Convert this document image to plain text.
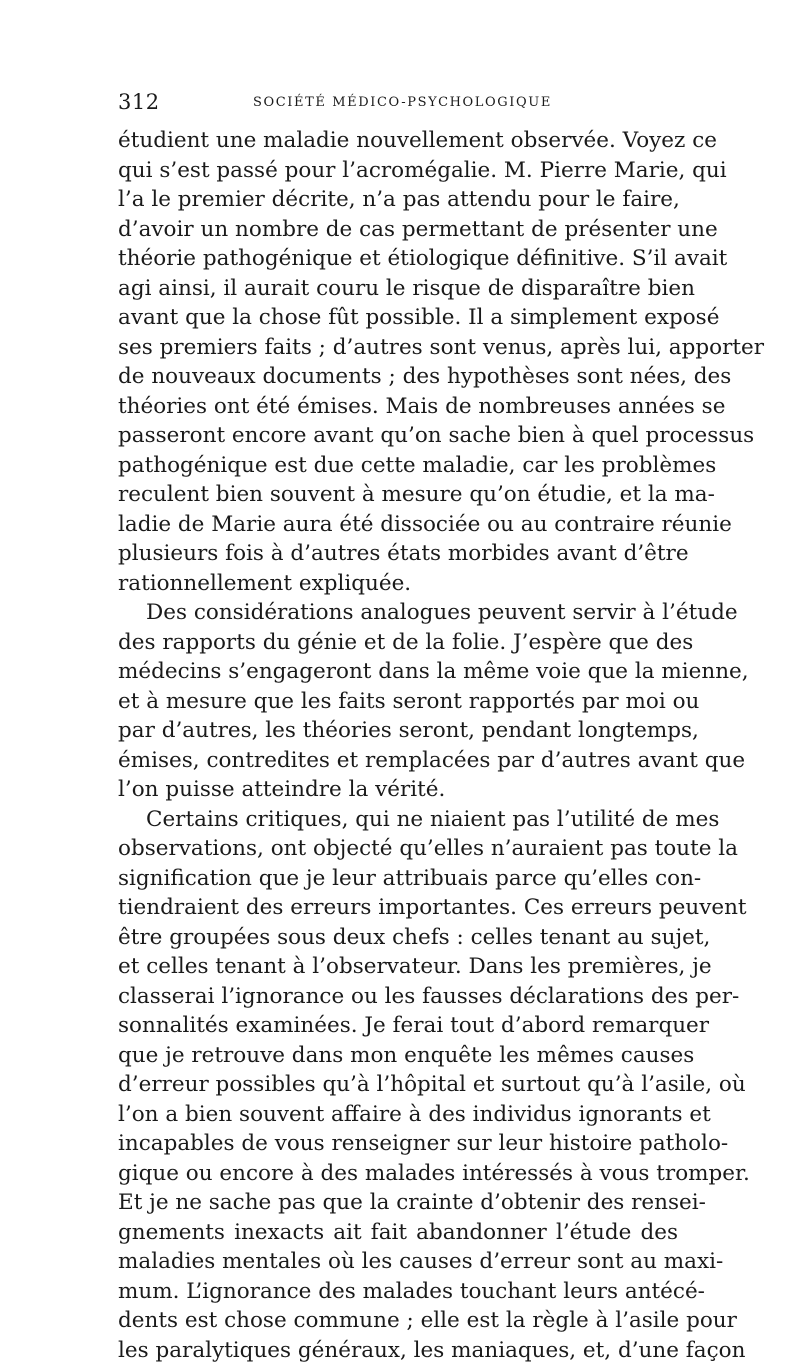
312	SOCIÉTÉ MÉDICO-PSYCHOLOGIQUE
étudient une maladie nouvellement observée. Voyez ce
qui s’est passé pour l’acromégalie. M. Pierre Marie, qui
l’a le premier décrite, n’a pas attendu pour le faire,
d’avoir un nombre de cas permettant de présenter une
théorie pathogénique et étiologique définitive. S’il avait
agi ainsi, il aurait couru le risque de disparaître bien
avant que la chose fût possible. Il a simplement exposé
ses premiers faits ; d’autres sont venus, après lui, apporter
de nouveaux documents ; des hypothèses sont nées, des
théories ont été émises. Mais de nombreuses années se
passeront encore avant qu’on sache bien à quel processus
pathogénique est due cette maladie, car les problèmes
reculent bien souvent à mesure qu’on étudie, et la ma-
ladie de Marie aura été dissociée ou au contraire réunie
plusieurs fois à d’autres états morbides avant d’être
rationnellement expliquée.
Des considérations analogues peuvent servir à l’étude
des rapports du génie et de la folie. J’espère que des
médecins s’engageront dans la même voie que la mienne,
et à mesure que les faits seront rapportés par moi ou
par d’autres, les théories seront, pendant longtemps,
émises, contredites et remplacées par d’autres avant que
l’on puisse atteindre la vérité.
Certains critiques, qui ne niaient pas l’utilité de mes
observations, ont objecté qu’elles n’auraient pas toute la
signification que je leur attribuais parce qu’elles con-
tiendraient des erreurs importantes. Ces erreurs peuvent
être groupées sous deux chefs : celles tenant au sujet,
et celles tenant à l’observateur. Dans les premières, je
classerai l’ignorance ou les fausses déclarations des per-
sonnalités examinées. Je ferai tout d’abord remarquer
que je retrouve dans mon enquête les mêmes causes
d’erreur possibles qu’à l’hôpital et surtout qu’à l’asile, où
l’on a bien souvent affaire à des individus ignorants et
incapables de vous renseigner sur leur histoire patholo-
gique ou encore à des malades intéressés à vous tromper.
Et je ne sache pas que la crainte d’obtenir des rensei-
gnements inexacts ait fait abandonner l’étude des
maladies mentales où les causes d’erreur sont au maxi-
mum. L’ignorance des malades touchant leurs antécé-
dents est chose commune ; elle est la règle à l’asile pour
les paralytiques généraux, les maniaques, et, d’une façon
